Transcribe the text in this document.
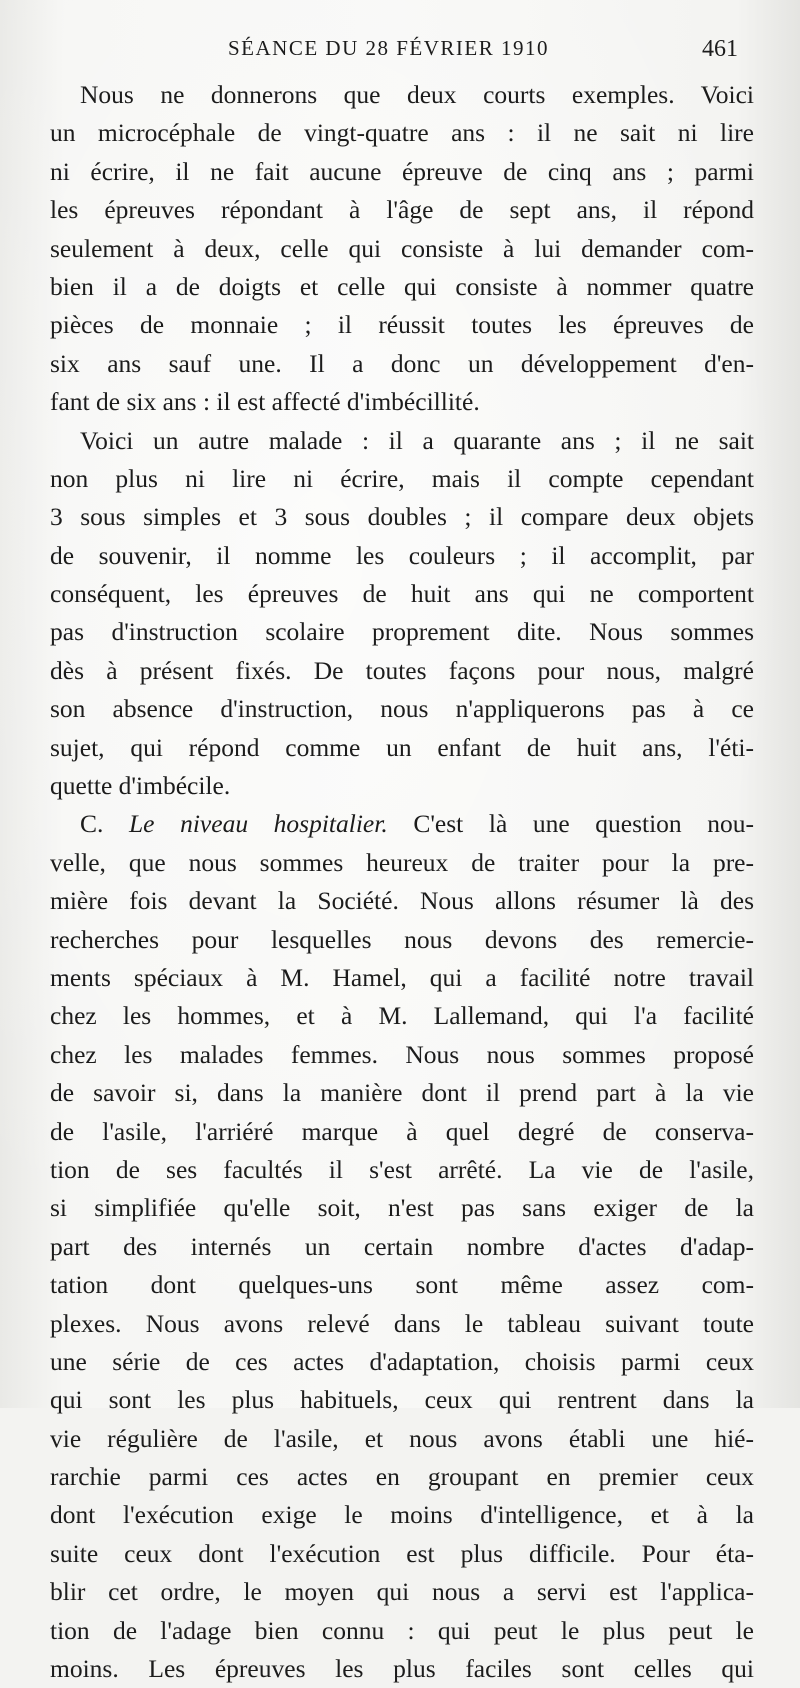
SÉANCE DU 28 FÉVRIER 1910	461
Nous ne donnerons que deux courts exemples. Voici
un microcéphale de vingt-quatre ans : il ne sait ni lire
ni écrire, il ne fait aucune épreuve de cinq ans ; parmi
les épreuves répondant à l'âge de sept ans, il répond
seulement à deux, celle qui consiste à lui demander com-
bien il a de doigts et celle qui consiste à nommer quatre
pièces de monnaie ; il réussit toutes les épreuves de
six ans sauf une. Il a donc un développement d'en-
fant de six ans : il est affecté d'imbécillité.
Voici un autre malade : il a quarante ans ; il ne sait
non plus ni lire ni écrire, mais il compte cependant
3 sous simples et 3 sous doubles ; il compare deux objets
de souvenir, il nomme les couleurs ; il accomplit, par
conséquent, les épreuves de huit ans qui ne comportent
pas d'instruction scolaire proprement dite. Nous sommes
dès à présent fixés. De toutes façons pour nous, malgré
son absence d'instruction, nous n'appliquerons pas à ce
sujet, qui répond comme un enfant de huit ans, l'éti-
quette d'imbécile.
C. Le niveau hospitalier. C'est là une question nou-
velle, que nous sommes heureux de traiter pour la pre-
mière fois devant la Société. Nous allons résumer là des
recherches pour lesquelles nous devons des remercie-
ments spéciaux à M. Hamel, qui a facilité notre travail
chez les hommes, et à M. Lallemand, qui l'a facilité
chez les malades femmes. Nous nous sommes proposé
de savoir si, dans la manière dont il prend part à la vie
de l'asile, l'arriéré marque à quel degré de conserva-
tion de ses facultés il s'est arrêté. La vie de l'asile,
si simplifiée qu'elle soit, n'est pas sans exiger de la
part des internés un certain nombre d'actes d'adap-
tation dont quelques-uns sont même assez com-
plexes. Nous avons relevé dans le tableau suivant toute
une série de ces actes d'adaptation, choisis parmi ceux
qui sont les plus habituels, ceux qui rentrent dans la
vie régulière de l'asile, et nous avons établi une hié-
rarchie parmi ces actes en groupant en premier ceux
dont l'exécution exige le moins d'intelligence, et à la
suite ceux dont l'exécution est plus difficile. Pour éta-
blir cet ordre, le moyen qui nous a servi est l'applica-
tion de l'adage bien connu : qui peut le plus peut le
moins. Les épreuves les plus faciles sont celles qui
